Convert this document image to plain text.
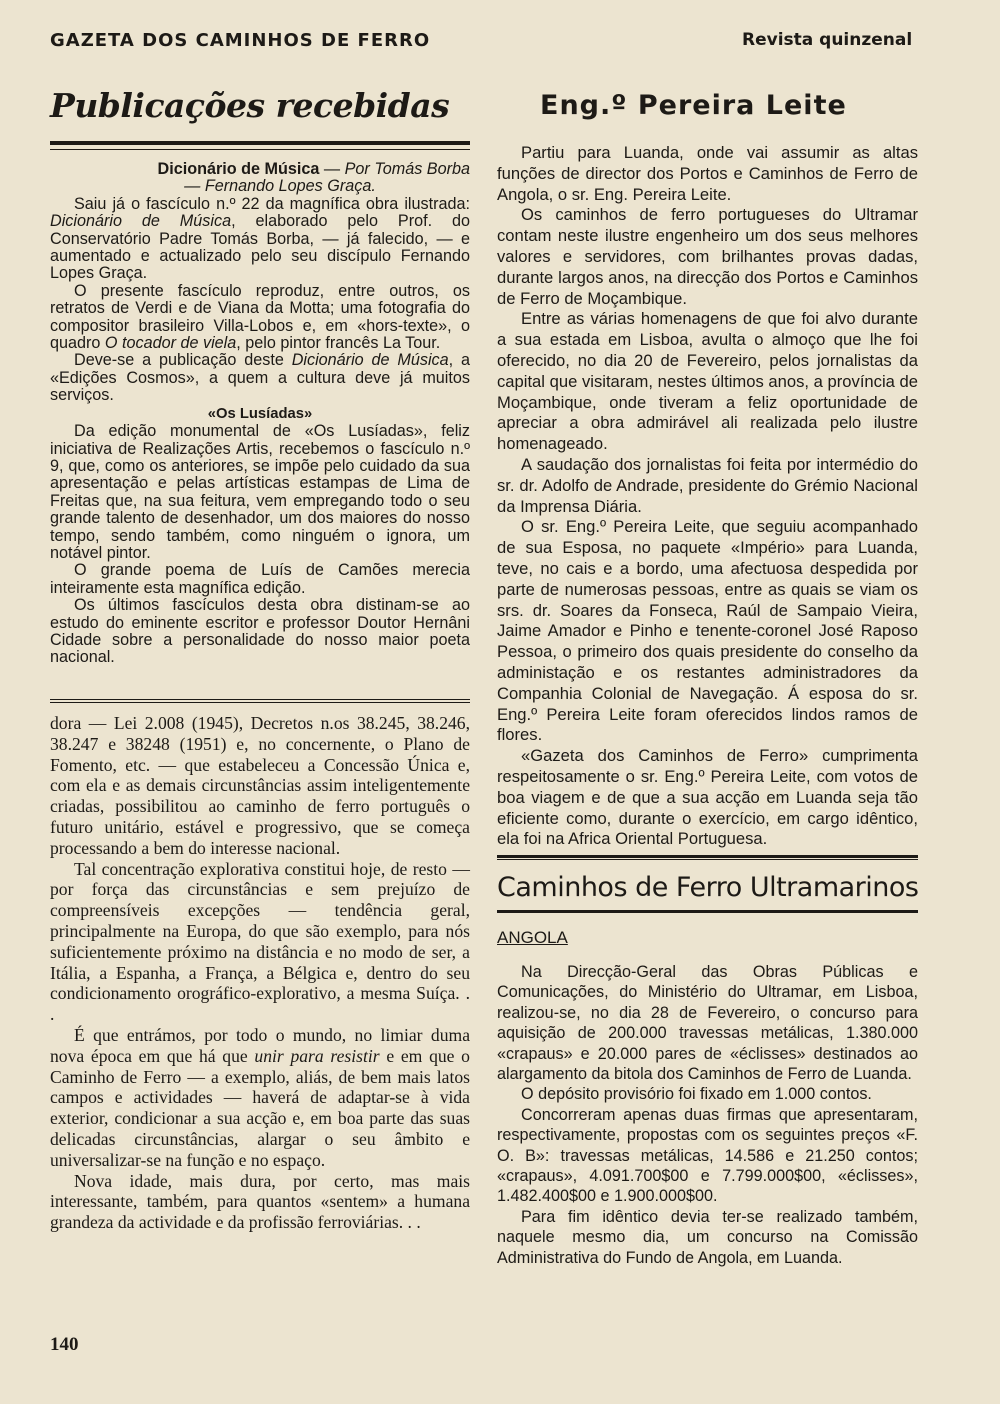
GAZETA DOS CAMINHOS DE FERRO	Revista quinzenal
Publicações recebidas

Dicionário de Música — Por Tomás Borba

— Fernando Lopes Graça.

Saiu já o fascículo n.º 22 da magnífica obra ilustrada: Dicionário de Música, elaborado pelo Prof. do Conservatório Padre Tomás Borba, — já falecido, — e aumentado e actualizado pelo seu discípulo Fernando Lopes Graça.

O presente fascículo reproduz, entre outros, os retratos de Verdi e de Viana da Motta; uma fotografia do compositor brasileiro Villa-Lobos e, em «hors-texte», o quadro O tocador de viela, pelo pintor francês La Tour.

Deve-se a publicação deste Dicionário de Música, a «Edições Cosmos», a quem a cultura deve já muitos serviços.

«Os Lusíadas»

Da edição monumental de «Os Lusíadas», feliz iniciativa de Realizações Artis, recebemos o fascículo n.º 9, que, como os anteriores, se impõe pelo cuidado da sua apresentação e pelas artísticas estampas de Lima de Freitas que, na sua feitura, vem empregando todo o seu grande talento de desenhador, um dos maiores do nosso tempo, sendo também, como ninguém o ignora, um notável pintor.

O grande poema de Luís de Camões merecia inteiramente esta magnífica edição.

Os últimos fascículos desta obra distinam-se ao estudo do eminente escritor e professor Doutor Hernâni Cidade sobre a personalidade do nosso maior poeta nacional.

dora — Lei 2.008 (1945), Decretos n.os 38.245, 38.246, 38.247 e 38248 (1951) e, no concernente, o Plano de Fomento, etc. — que estabeleceu a Concessão Única e, com ela e as demais circunstâncias assim inteligentemente criadas, possibilitou ao caminho de ferro português o futuro unitário, estável e progressivo, que se começa processando a bem do interesse nacional.

Tal concentração explorativa constitui hoje, de resto — por força das circunstâncias e sem prejuízo de compreensíveis excepções — tendência geral, principalmente na Europa, do que são exemplo, para nós suficientemente próximo na distância e no modo de ser, a Itália, a Espanha, a França, a Bélgica e, dentro do seu condicionamento orográfico-explorativo, a mesma Suíça. . .

É que entrámos, por todo o mundo, no limiar duma nova época em que há que unir para resistir e em que o Caminho de Ferro — a exemplo, aliás, de bem mais latos campos e actividades — haverá de adaptar-se à vida exterior, condicionar a sua acção e, em boa parte das suas delicadas circunstâncias, alargar o seu âmbito e universalizar-se na função e no espaço.

Nova idade, mais dura, por certo, mas mais interessante, também, para quantos «sentem» a humana grandeza da actividade e da profissão ferroviárias. . .

Eng.º Pereira Leite

Partiu para Luanda, onde vai assumir as altas funções de director dos Portos e Caminhos de Ferro de Angola, o sr. Eng. Pereira Leite.

Os caminhos de ferro portugueses do Ultramar contam neste ilustre engenheiro um dos seus melhores valores e servidores, com brilhantes provas dadas, durante largos anos, na direcção dos Portos e Caminhos de Ferro de Moçambique.

Entre as várias homenagens de que foi alvo durante a sua estada em Lisboa, avulta o almoço que lhe foi oferecido, no dia 20 de Fevereiro, pelos jornalistas da capital que visitaram, nestes últimos anos, a província de Moçambique, onde tiveram a feliz oportunidade de apreciar a obra admirável ali realizada pelo ilustre homenageado.

A saudação dos jornalistas foi feita por intermédio do sr. dr. Adolfo de Andrade, presidente do Grémio Nacional da Imprensa Diária.

O sr. Eng.º Pereira Leite, que seguiu acompanhado de sua Esposa, no paquete «Império» para Luanda, teve, no cais e a bordo, uma afectuosa despedida por parte de numerosas pessoas, entre as quais se viam os srs. dr. Soares da Fonseca, Raúl de Sampaio Vieira, Jaime Amador e Pinho e tenente-coronel José Raposo Pessoa, o primeiro dos quais presidente do conselho da administação e os restantes administradores da Companhia Colonial de Navegação. Á esposa do sr. Eng.º Pereira Leite foram oferecidos lindos ramos de flores.

«Gazeta dos Caminhos de Ferro» cumprimenta respeitosamente o sr. Eng.º Pereira Leite, com votos de boa viagem e de que a sua acção em Luanda seja tão eficiente como, durante o exercício, em cargo idêntico, ela foi na Africa Oriental Portuguesa.

Caminhos de Ferro Ultramarinos
ANGOLA

Na Direcção-Geral das Obras Públicas e Comunicações, do Ministério do Ultramar, em Lisboa, realizou-se, no dia 28 de Fevereiro, o concurso para aquisição de 200.000 travessas metálicas, 1.380.000 «crapaus» e 20.000 pares de «éclisses» destinados ao alargamento da bitola dos Caminhos de Ferro de Luanda.

O depósito provisório foi fixado em 1.000 contos.

Concorreram apenas duas firmas que apresentaram, respectivamente, propostas com os seguintes preços «F. O. B»: travessas metálicas, 14.586 e 21.250 contos; «crapaus», 4.091.700$00 e 7.799.000$00, «éclisses», 1.482.400$00 e 1.900.000$00.

Para fim idêntico devia ter-se realizado também, naquele mesmo dia, um concurso na Comissão Administrativa do Fundo de Angola, em Luanda.

140
